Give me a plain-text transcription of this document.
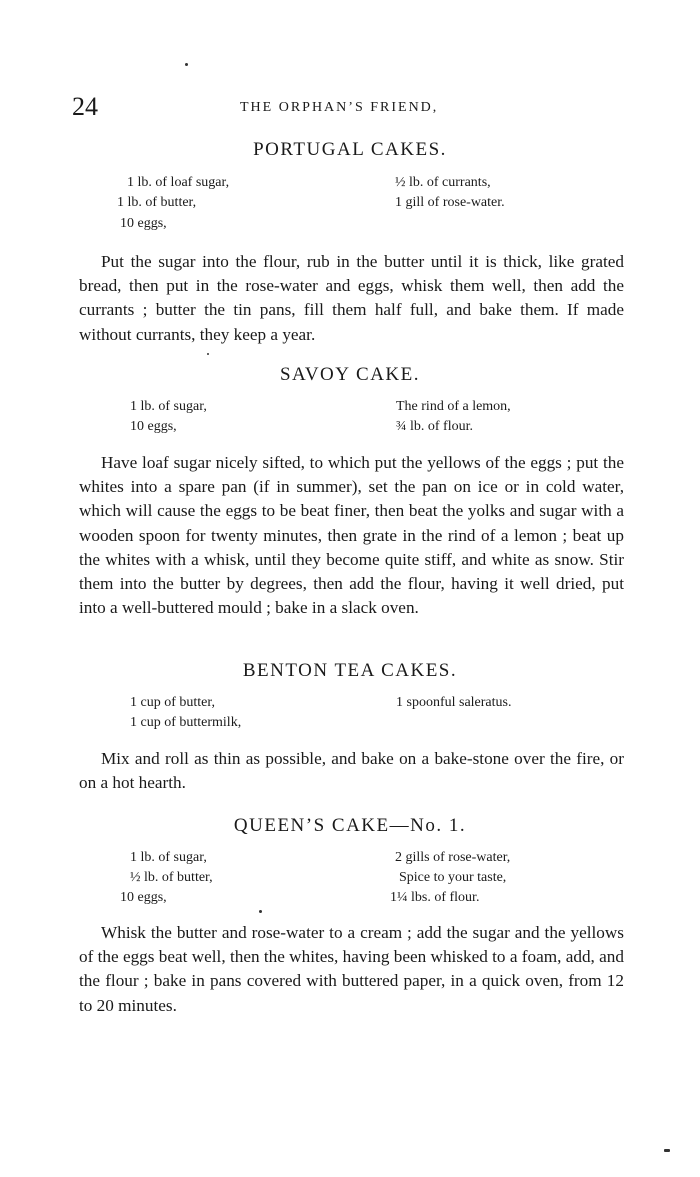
24	THE ORPHAN’S FRIEND,
PORTUGAL CAKES.
1 lb. of loaf sugar,
1 lb. of butter,
10 eggs,
½ lb. of currants,
1 gill of rose-water.
Put the sugar into the flour, rub in the butter until it is thick, like grated bread, then put in the rose-water and eggs, whisk them well, then add the currants ; butter the tin pans, fill them half full, and bake them. If made without currants, they keep a year.
SAVOY CAKE.
1 lb. of sugar,
10 eggs,
The rind of a lemon,
¾ lb. of flour.
Have loaf sugar nicely sifted, to which put the yellows of the eggs ; put the whites into a spare pan (if in summer), set the pan on ice or in cold water, which will cause the eggs to be beat finer, then beat the yolks and sugar with a wooden spoon for twenty minutes, then grate in the rind of a lemon ; beat up the whites with a whisk, until they become quite stiff, and white as snow. Stir them into the butter by degrees, then add the flour, having it well dried, put into a well-buttered mould ; bake in a slack oven.
BENTON TEA CAKES.
1 cup of butter,
1 cup of buttermilk,
1 spoonful saleratus.
Mix and roll as thin as possible, and bake on a bake-stone over the fire, or on a hot hearth.
QUEEN’S CAKE—No. 1.
1 lb. of sugar,
½ lb. of butter,
10 eggs,
2 gills of rose-water,
Spice to your taste,
1¼ lbs. of flour.
Whisk the butter and rose-water to a cream ; add the sugar and the yellows of the eggs beat well, then the whites, having been whisked to a foam, add, and the flour ; bake in pans covered with buttered paper, in a quick oven, from 12 to 20 minutes.
